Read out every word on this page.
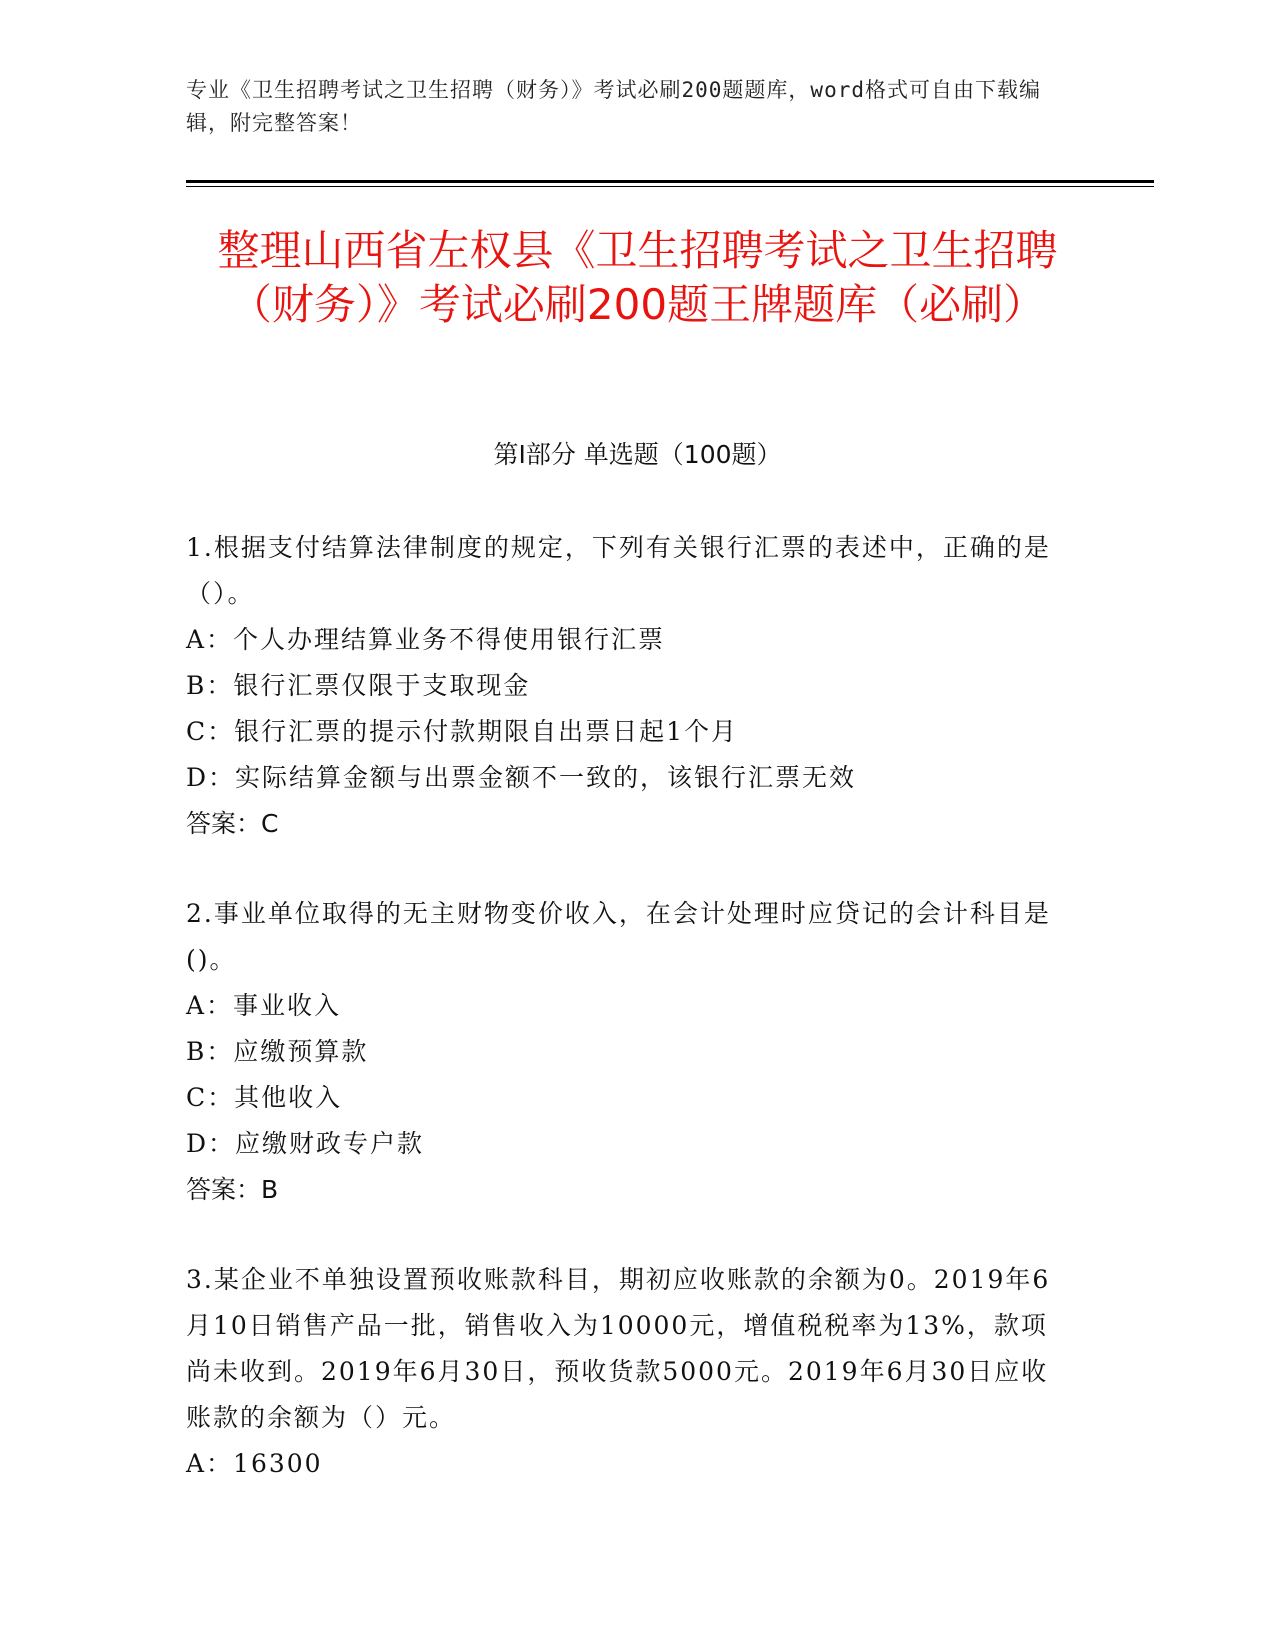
专业《卫生招聘考试之卫生招聘（财务）》考试必刷200题题库，word格式可自由下载编辑，附完整答案！
整理山西省左权县《卫生招聘考试之卫生招聘（财务）》考试必刷200题王牌题库（必刷）
第I部分 单选题（100题）
1.根据支付结算法律制度的规定，下列有关银行汇票的表述中，正确的是（）。
A：个人办理结算业务不得使用银行汇票
B：银行汇票仅限于支取现金
C：银行汇票的提示付款期限自出票日起1个月
D：实际结算金额与出票金额不一致的，该银行汇票无效
答案：C
2.事业单位取得的无主财物变价收入，在会计处理时应贷记的会计科目是()。
A：事业收入
B：应缴预算款
C：其他收入
D：应缴财政专户款
答案：B
3.某企业不单独设置预收账款科目，期初应收账款的余额为0。2019年6月10日销售产品一批，销售收入为10000元，增值税税率为13%，款项尚未收到。2019年6月30日，预收货款5000元。2019年6月30日应收账款的余额为（）元。
A：16300
